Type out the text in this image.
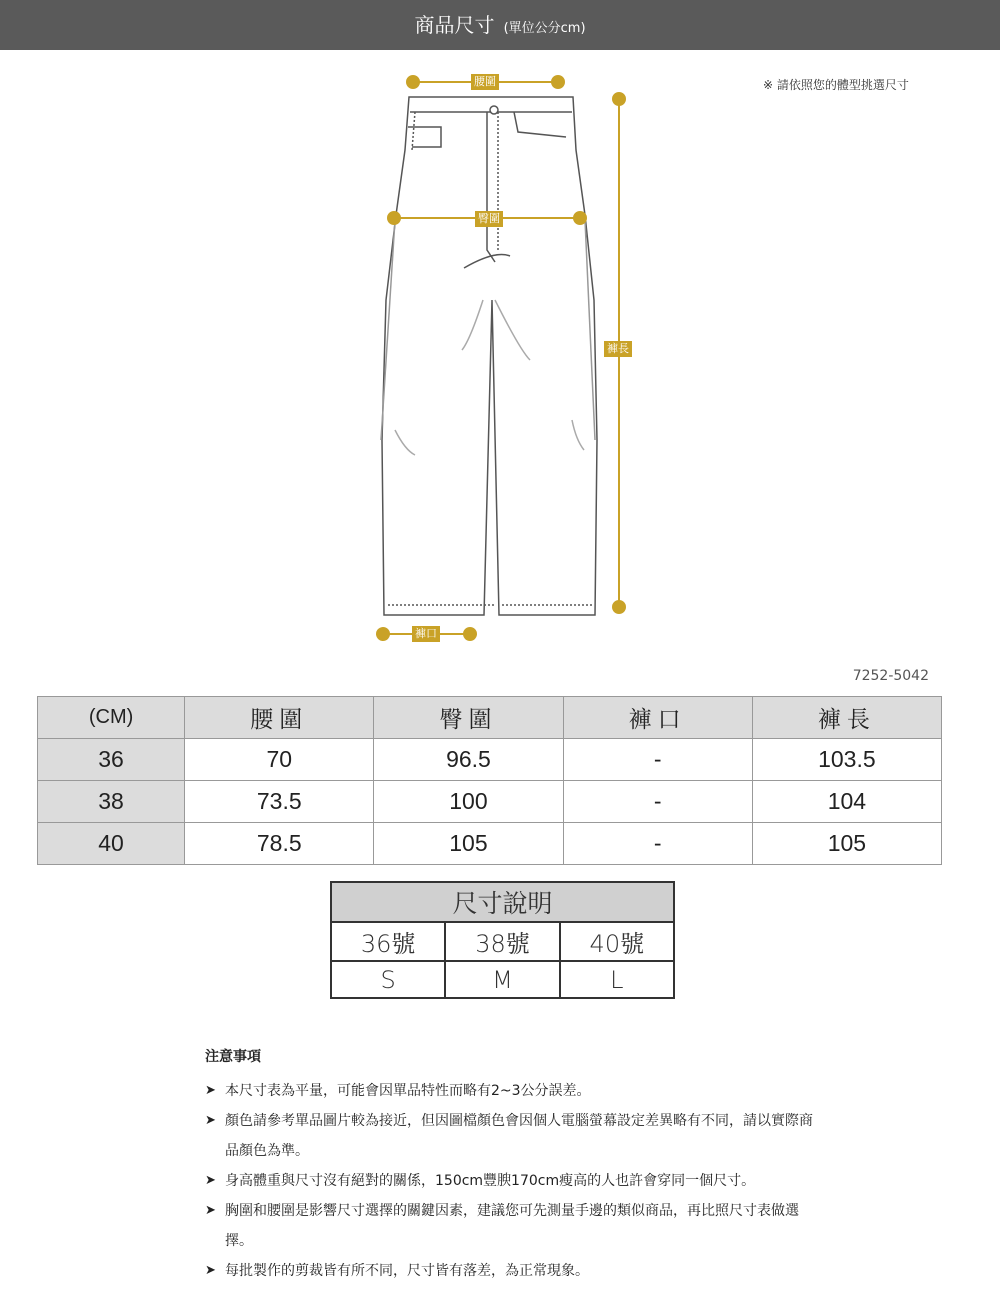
商品尺寸 (單位公分cm)
※ 請依照您的體型挑選尺寸
腰圍
臀圍
褲長
褲口
7252-5042
(CM)	腰圍	臀圍	褲口	褲長
36	70	96.5	-	103.5
38	73.5	100	-	104
40	78.5	105	-	105
尺寸說明		
36號	38號	40號
S	M	L
注意事項
➤ 本尺寸表為平量，可能會因單品特性而略有2~3公分誤差。
➤ 顏色請參考單品圖片較為接近，但因圖檔顏色會因個人電腦螢幕設定差異略有不同，請以實際商品顏色為準。
➤ 身高體重與尺寸沒有絕對的關係，150cm豐腴170cm瘦高的人也許會穿同一個尺寸。
➤ 胸圍和腰圍是影響尺寸選擇的關鍵因素，建議您可先測量手邊的類似商品，再比照尺寸表做選擇。
➤ 每批製作的剪裁皆有所不同，尺寸皆有落差，為正常現象。
